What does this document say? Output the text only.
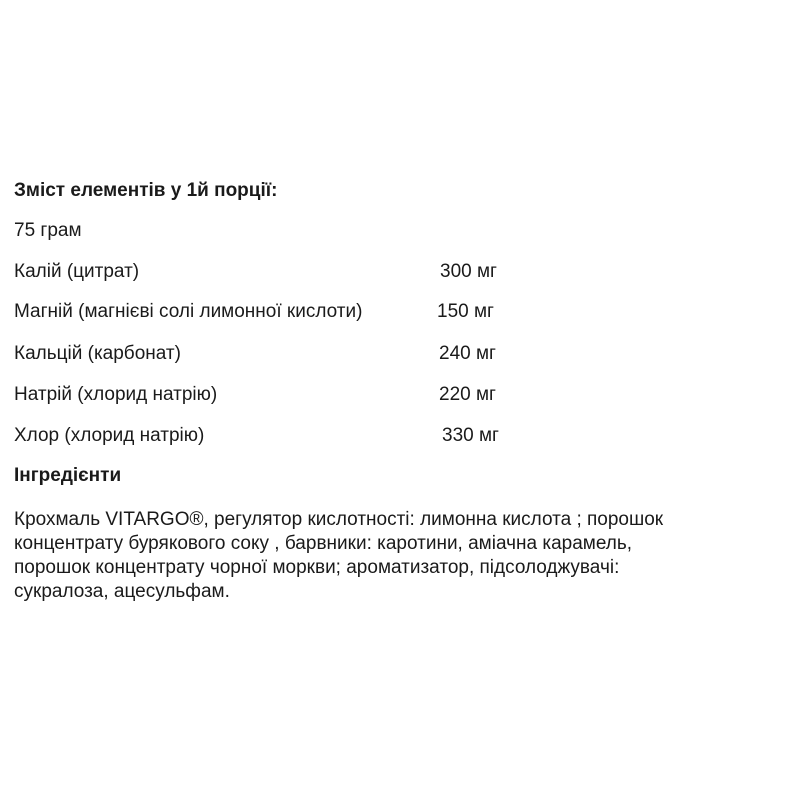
Зміст елементів у 1й порції:
75 грам
Калій (цитрат)	300 мг
Магній (магнієві солі лимонної кислоти)	150 мг
Кальцій (карбонат)	240 мг
Натрій (хлорид натрію)	220 мг
Хлор (хлорид натрію)	330 мг
Інгредієнти
Крохмаль VITARGO®, регулятор кислотності: лимонна кислота ; порошок
концентрату бурякового соку , барвники: каротини, аміачна карамель,
порошок концентрату чорної моркви; ароматизатор, підсолоджувачі:
сукралоза, ацесульфам.
